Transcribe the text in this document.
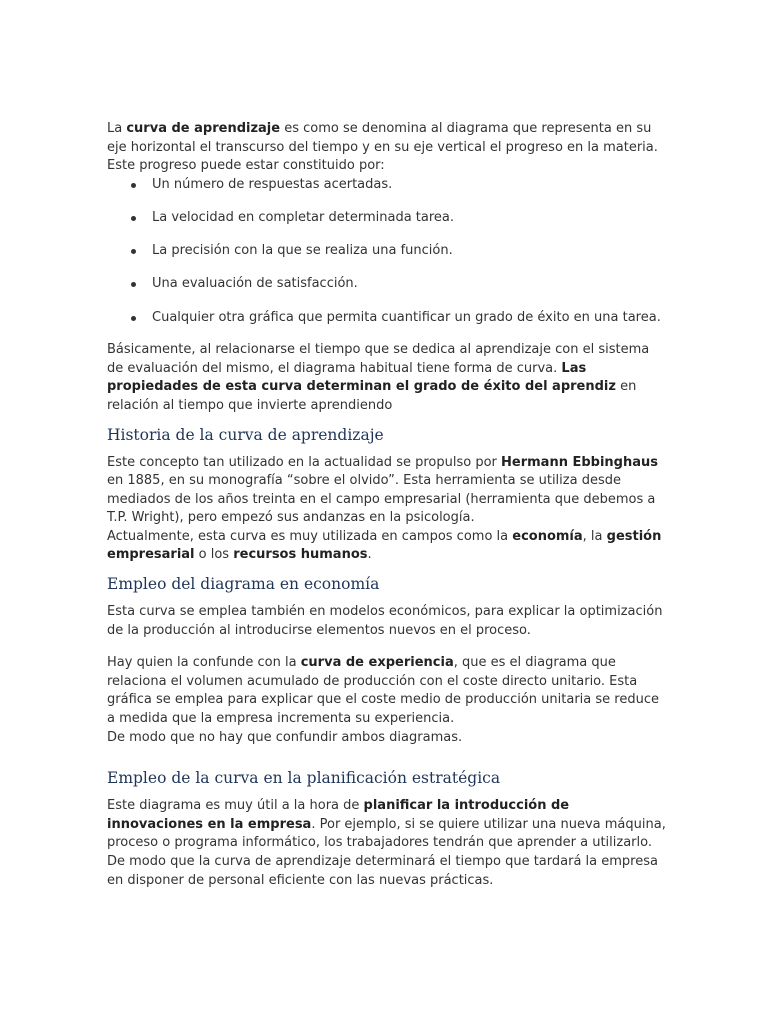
La curva de aprendizaje es como se denomina al diagrama que representa en su eje horizontal el transcurso del tiempo y en su eje vertical el progreso en la materia. Este progreso puede estar constituido por:

Un número de respuestas acertadas.
La velocidad en completar determinada tarea.
La precisión con la que se realiza una función.
Una evaluación de satisfacción.
Cualquier otra gráfica que permita cuantificar un grado de éxito en una tarea.

Básicamente, al relacionarse el tiempo que se dedica al aprendizaje con el sistema de evaluación del mismo, el diagrama habitual tiene forma de curva. Las propiedades de esta curva determinan el grado de éxito del aprendiz en relación al tiempo que invierte aprendiendo

Historia de la curva de aprendizaje

Este concepto tan utilizado en la actualidad se propulso por Hermann Ebbinghaus en 1885, en su monografía “sobre el olvido”. Esta herramienta se utiliza desde mediados de los años treinta en el campo empresarial (herramienta que debemos a T.P. Wright), pero empezó sus andanzas en la psicología.

Actualmente, esta curva es muy utilizada en campos como la economía, la gestión empresarial o los recursos humanos.

Empleo del diagrama en economía

Esta curva se emplea también en modelos económicos, para explicar la optimización de la producción al introducirse elementos nuevos en el proceso.

Hay quien la confunde con la curva de experiencia, que es el diagrama que relaciona el volumen acumulado de producción con el coste directo unitario. Esta gráfica se emplea para explicar que el coste medio de producción unitaria se reduce a medida que la empresa incrementa su experiencia.

De modo que no hay que confundir ambos diagramas.

Empleo de la curva en la planificación estratégica

Este diagrama es muy útil a la hora de planificar la introducción de innovaciones en la empresa. Por ejemplo, si se quiere utilizar una nueva máquina, proceso o programa informático, los trabajadores tendrán que aprender a utilizarlo.

De modo que la curva de aprendizaje determinará el tiempo que tardará la empresa en disponer de personal eficiente con las nuevas prácticas.
